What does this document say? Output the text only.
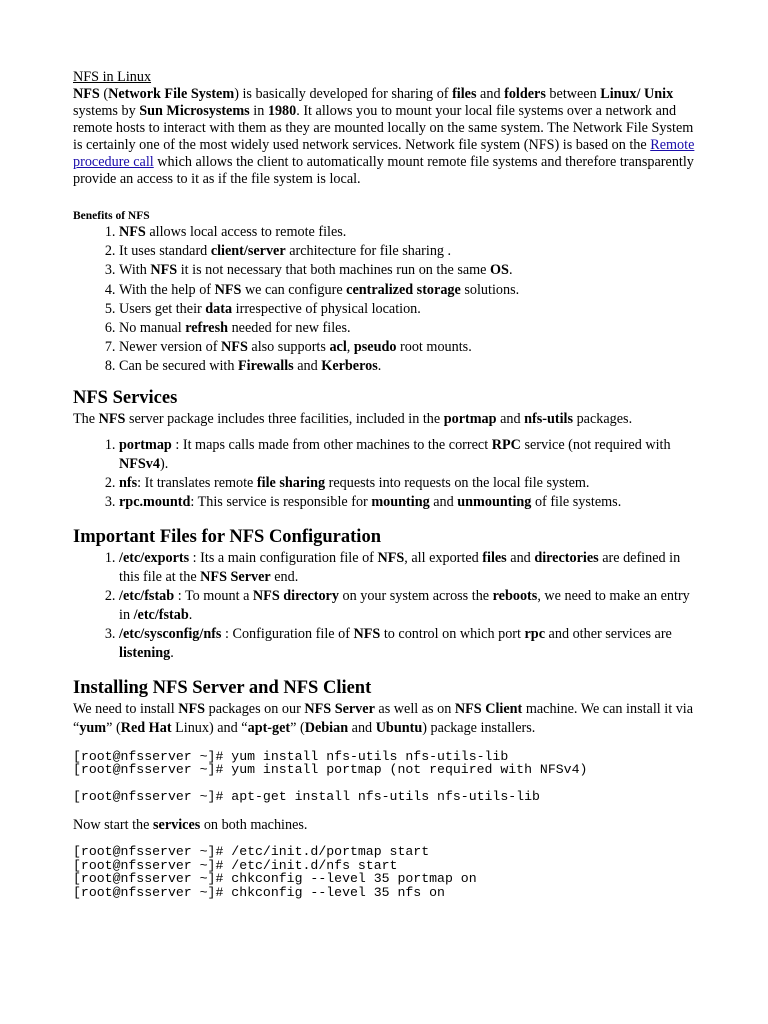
NFS in Linux

NFS (Network File System) is basically developed for sharing of files and folders between Linux/ Unix systems by Sun Microsystems in 1980. It allows you to mount your local file systems over a network and remote hosts to interact with them as they are mounted locally on the same system. The Network File System is certainly one of the most widely used network services. Network file system (NFS) is based on the Remote procedure call which allows the client to automatically mount remote file systems and therefore transparently provide an access to it as if the file system is local.

Benefits of NFS

1. NFS allows local access to remote files.
2. It uses standard client/server architecture for file sharing .
3. With NFS it is not necessary that both machines run on the same OS.
4. With the help of NFS we can configure centralized storage solutions.
5. Users get their data irrespective of physical location.
6. No manual refresh needed for new files.
7. Newer version of NFS also supports acl, pseudo root mounts.
8. Can be secured with Firewalls and Kerberos.
NFS Services

The NFS server package includes three facilities, included in the portmap and nfs-utils packages.

1. portmap : It maps calls made from other machines to the correct RPC service (not required with NFSv4).
2. nfs: It translates remote file sharing requests into requests on the local file system.
3. rpc.mountd: This service is responsible for mounting and unmounting of file systems.
Important Files for NFS Configuration
1. /etc/exports : Its a main configuration file of NFS, all exported files and directories are defined in this file at the NFS Server end.
2. /etc/fstab : To mount a NFS directory on your system across the reboots, we need to make an entry in /etc/fstab.
3. /etc/sysconfig/nfs : Configuration file of NFS to control on which port rpc and other services are listening.
Installing NFS Server and NFS Client

We need to install NFS packages on our NFS Server as well as on NFS Client machine. We can install it via “yum” (Red Hat Linux) and “apt-get” (Debian and Ubuntu) package installers.

[root@nfsserver ~]# yum install nfs-utils nfs-utils-lib
[root@nfsserver ~]# yum install portmap (not required with NFSv4)

[root@nfsserver ~]# apt-get install nfs-utils nfs-utils-lib

Now start the services on both machines.

[root@nfsserver ~]# /etc/init.d/portmap start
[root@nfsserver ~]# /etc/init.d/nfs start
[root@nfsserver ~]# chkconfig --level 35 portmap on
[root@nfsserver ~]# chkconfig --level 35 nfs on
